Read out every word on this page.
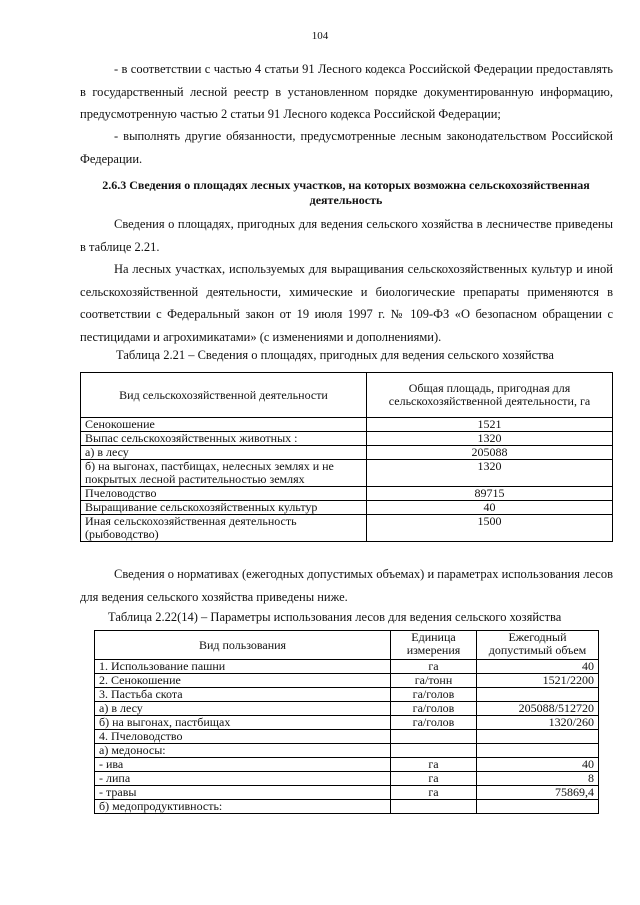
104

- в соответствии с частью 4 статьи 91 Лесного кодекса Российской Федерации предоставлять в государственный лесной реестр в установленном порядке документированную информацию, предусмотренную частью 2 статьи 91 Лесного кодекса Российской Федерации;

- выполнять другие обязанности, предусмотренные лесным законодательством Российской Федерации.

2.6.3 Сведения о площадях лесных участков, на которых возможна сельскохозяйственная деятельность

Сведения о площадях, пригодных для ведения сельского хозяйства в лесничестве приведены в таблице 2.21.

На лесных участках, используемых для выращивания сельскохозяйственных культур и иной сельскохозяйственной деятельности, химические и биологические препараты применяются в соответствии с Федеральный закон от 19 июля 1997 г. № 109-ФЗ «О безопасном обращении с пестицидами и агрохимикатами» (с изменениями и дополнениями).

Таблица 2.21 – Сведения о площадях, пригодных для ведения сельского хозяйства

Вид сельскохозяйственной деятельности	Общая площадь, пригодная для сельскохозяйственной деятельности, га
Сенокошение	1521
Выпас сельскохозяйственных животных :	1320
а) в лесу	205088
б) на выгонах, пастбищах, нелесных землях и не покрытых лесной растительностью землях	1320
Пчеловодство	89715
Выращивание сельскохозяйственных культур	40
Иная сельскохозяйственная деятельность (рыбоводство)	1500

Сведения о нормативах (ежегодных допустимых объемах) и параметрах использования лесов для ведения сельского хозяйства приведены ниже.

Таблица 2.22(14) – Параметры использования лесов для ведения сельского хозяйства

Вид пользования	Единица измерения	Ежегодный допустимый объем
1. Использование пашни	га	40
2. Сенокошение	га/тонн	1521/2200
3. Пастьба скота	га/голов	
а) в лесу	га/голов	205088/512720
б) на выгонах, пастбищах	га/голов	1320/260
4. Пчеловодство		
а) медоносы:		
- ива	га	40
- липа	га	8
- травы	га	75869,4
б) медопродуктивность:		
